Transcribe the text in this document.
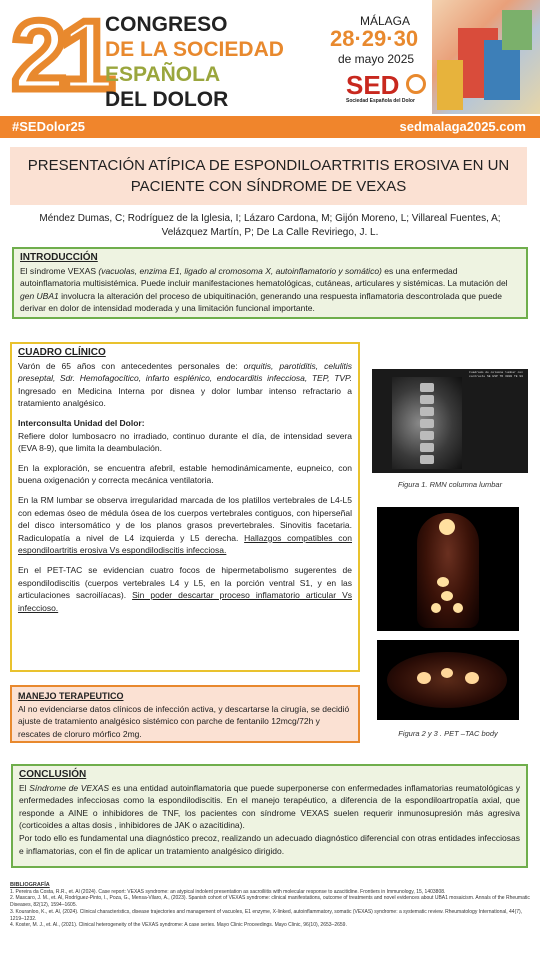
21
CONGRESO
DE LA SOCIEDAD
ESPAÑOLA
DEL DOLOR
MÁLAGA
28·29·30
de mayo 2025
SED
Sociedad Española del Dolor
#SEDolor25	sedmalaga2025.com
PRESENTACIÓN ATÍPICA DE ESPONDILOARTRITIS EROSIVA EN UN PACIENTE CON SÍNDROME DE VEXAS
Méndez Dumas, C; Rodríguez de la Iglesia, I; Lázaro Cardona, M; Gijón Moreno, L; Villareal Fuentes, A; Velázquez Martín, P; De La Calle Reviriego, J. L.
INTRODUCCIÓN
El síndrome VEXAS (vacuolas, enzima E1, ligado al cromosoma X, autoinflamatorio y somático) es una enfermedad autoinflamatoria multisistémica. Puede incluir manifestaciones hematológicas, cutáneas, articulares y sistémicas. La mutación del gen UBA1 involucra la alteración del proceso de ubiquitinación, generando una respuesta inflamatoria descontrolada que puede derivar en dolor de intensidad moderada y una limitación funcional importante.
CUADRO CLÍNICO

Varón de 65 años con antecedentes personales de: orquitis, parotiditis, celulitis preseptal, Sdr. Hemofagocítico, infarto esplénico, endocarditis infecciosa, TEP, TVP. Ingresado en Medicina Interna por disnea y dolor lumbar intenso refractario a tratamiento analgésico.

Interconsulta Unidad del Dolor:
Refiere dolor lumbosacro no irradiado, continuo durante el día, de intensidad severa (EVA 8-9), que limita la deambulación.

En la exploración, se encuentra afebril, estable hemodinámicamente, eupneico, con buena oxigenación y correcta mecánica ventilatoria.

En la RM lumbar se observa irregularidad marcada de los platillos vertebrales de L4-L5 con edemas óseo de médula ósea de los cuerpos vertebrales contiguos, con hiperseñal del disco intersomático y de los planos grasos prevertebrales. Sinovitis facetaria. Radiculopatía a nivel de L4 izquierda y L5 derecha. Hallazgos compatibles con espondiloartritis erosiva Vs espondilodiscitis infecciosa.

En el PET-TAC se evidencian cuatro focos de hipermetabolismo sugerentes de espondilodiscitis (cuerpos vertebrales L4 y L5, en la porción ventral S1, y en las articulaciones sacroilíacas). Sin poder descartar proceso inflamatorio articular Vs infeccioso.

MANEJO TERAPEUTICO
Al no evidenciarse datos clínicos de infección activa, y descartarse la cirugía, se decidió ajuste de tratamiento analgésico sistémico con parche de fentanilo 12mcg/72h y rescates de cloruro mórfico 2mg.
Cuadrado de columna lumbar con contraste SE ESP TR 3000 TE 90
Figura 1. RMN columna lumbar
Figura 2 y 3 . PET –TAC body
CONCLUSIÓN
El Síndrome de VEXAS es una entidad autoinflamatoria que puede superponerse con enfermedades inflamatorias reumatológicas y enfermedades infecciosas como la espondilodiscitis. En el manejo terapéutico, a diferencia de la espondiloartropatía axial, que responde a AINE o inhibidores de TNF, los pacientes con síndrome VEXAS suelen requerir inmunosupresión más agresiva (corticoides a altas dosis , inhibidores de JAK o azacitidina).
Por todo ello es fundamental una diagnóstico precoz, realizando un adecuado diagnóstico diferencial con otras entidades infecciosas e inflamatorias, con el fin de aplicar un tratamiento analgésico dirigido.
BIBLIOGRAFÍA
1. Pereira da Costa, R.R., et. Al (2024). Case report: VEXAS syndrome: an atypical indolent presentation as sacroiliitis with molecular response to azacitidine. Frontiers in Immunology, 15, 1403808.
2. Mascaro, J. M., et. Al, Rodríguez-Pinto, I., Poza, G., Mensa-Vilaro, A., (2023). Spanish cohort of VEXAS syndrome: clinical manifestations, outcome of treatments and novel evidences about UBA1 mosaicism. Annals of the Rheumatic Diseases, 82(12), 1594–1605.
3. Kouranloo, K., et. Al, (2024). Clinical characteristics, disease trajectories and management of vacuoles, E1 enzyme, X-linked, autoinflammatory, somatic (VEXAS) syndrome: a systematic review. Rheumatology International, 44(7), 1219–1232.
4. Koster, M. J., et. Al., (2021). Clinical heterogeneity of the VEXAS syndrome: A case series. Mayo Clinic Proceedings. Mayo Clinic, 96(10), 2653–2659.
